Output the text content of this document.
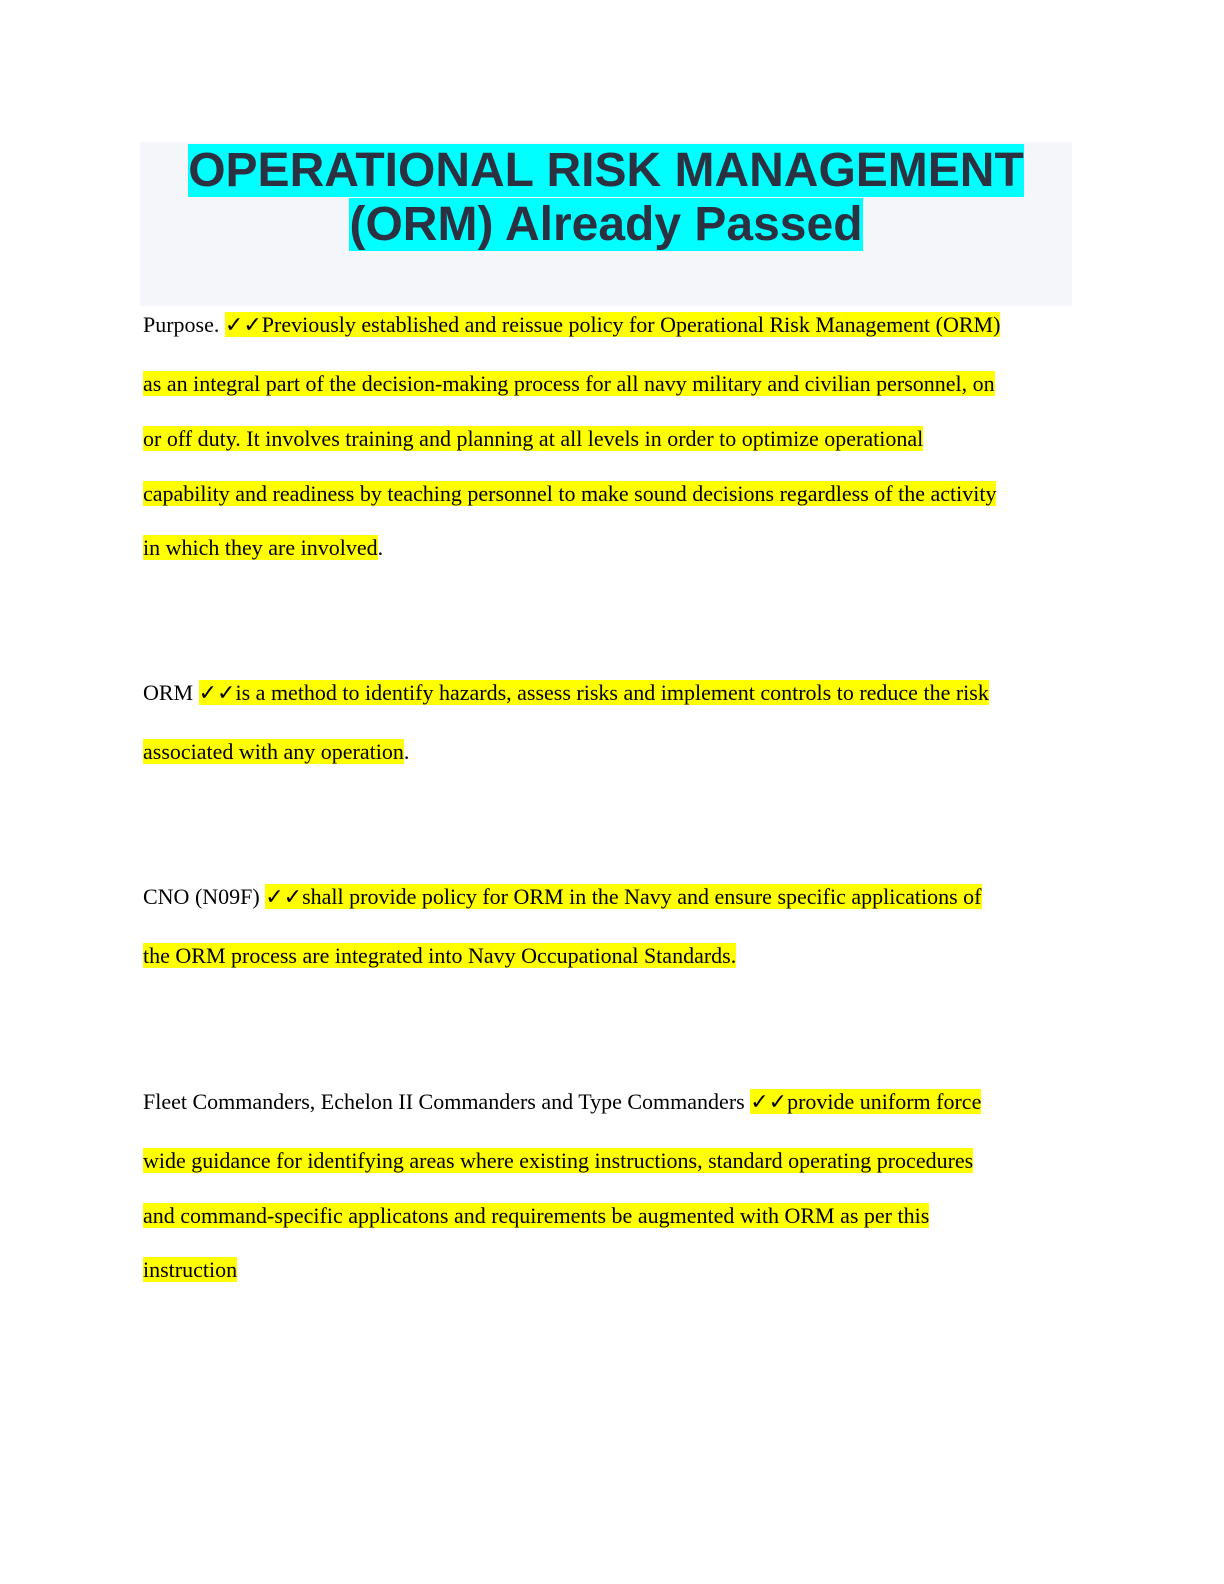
OPERATIONAL RISK MANAGEMENT
(ORM) Already Passed
Purpose. ✓✓Previously established and reissue policy for Operational Risk Management (ORM)
as an integral part of the decision-making process for all navy military and civilian personnel, on
or off duty. It involves training and planning at all levels in order to optimize operational
capability and readiness by teaching personnel to make sound decisions regardless of the activity
in which they are involved.
ORM ✓✓is a method to identify hazards, assess risks and implement controls to reduce the risk
associated with any operation.
CNO (N09F) ✓✓shall provide policy for ORM in the Navy and ensure specific applications of
the ORM process are integrated into Navy Occupational Standards.
Fleet Commanders, Echelon II Commanders and Type Commanders ✓✓provide uniform force
wide guidance for identifying areas where existing instructions, standard operating procedures
and command-specific applicatons and requirements be augmented with ORM as per this
instruction
